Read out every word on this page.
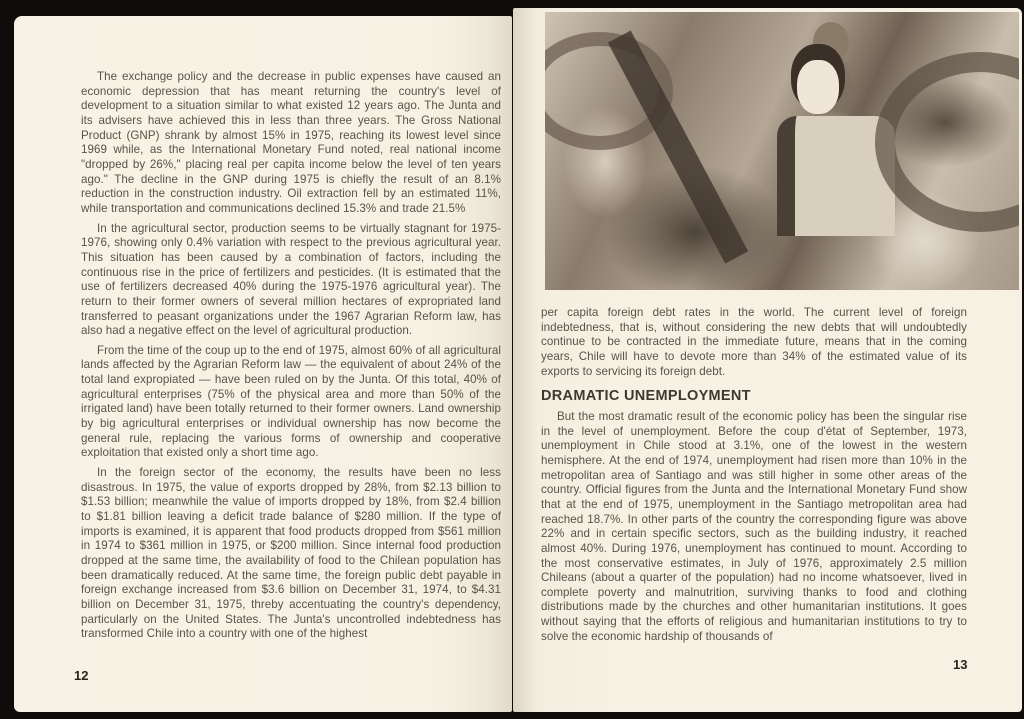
The exchange policy and the decrease in public expenses have caused an economic depression that has meant returning the country's level of development to a situation similar to what existed 12 years ago. The Junta and its advisers have achieved this in less than three years. The Gross National Product (GNP) shrank by almost 15% in 1975, reaching its lowest level since 1969 while, as the International Monetary Fund noted, real national income "dropped by 26%," placing real per capita income below the level of ten years ago." The decline in the GNP during 1975 is chiefly the result of an 8.1% reduction in the construction industry. Oil extraction fell by an estimated 11%, while transportation and communications declined 15.3% and trade 21.5%

In the agricultural sector, production seems to be virtually stagnant for 1975-1976, showing only 0.4% variation with respect to the previous agricultural year. This situation has been caused by a combination of factors, including the continuous rise in the price of fertilizers and pesticides. (It is estimated that the use of fertilizers decreased 40% during the 1975-1976 agricultural year). The return to their former owners of several million hectares of expropriated land transferred to peasant organizations under the 1967 Agrarian Reform law, has also had a negative effect on the level of agricultural production.

From the time of the coup up to the end of 1975, almost 60% of all agricultural lands affected by the Agrarian Reform law — the equivalent of about 24% of the total land expropiated — have been ruled on by the Junta. Of this total, 40% of agricultural enterprises (75% of the physical area and more than 50% of the irrigated land) have been totally returned to their former owners. Land ownership by big agricultural enterprises or individual ownership has now become the general rule, replacing the various forms of ownership and cooperative exploitation that existed only a short time ago.

In the foreign sector of the economy, the results have been no less disastrous. In 1975, the value of exports dropped by 28%, from $2.13 billion to $1.53 billion; meanwhile the value of imports dropped by 18%, from $2.4 billion to $1.81 billion leaving a deficit trade balance of $280 million. If the type of imports is examined, it is apparent that food products dropped from $561 million in 1974 to $361 million in 1975, or $200 million. Since internal food production dropped at the same time, the availability of food to the Chilean population has been dramatically reduced. At the same time, the foreign public debt payable in foreign exchange increased from $3.6 billion on December 31, 1974, to $4.31 billion on December 31, 1975, threby accentuating the country's dependency, particularly on the United States. The Junta's uncontrolled indebtedness has transformed Chile into a country with one of the highest

12

per capita foreign debt rates in the world. The current level of foreign indebtedness, that is, without considering the new debts that will undoubtedly continue to be contracted in the immediate future, means that in the coming years, Chile will have to devote more than 34% of the estimated value of its exports to servicing its foreign debt.

DRAMATIC UNEMPLOYMENT

But the most dramatic result of the economic policy has been the singular rise in the level of unemployment. Before the coup d'état of September, 1973, unemployment in Chile stood at 3.1%, one of the lowest in the western hemisphere. At the end of 1974, unemployment had risen more than 10% in the metropolitan area of Santiago and was still higher in some other areas of the country. Official figures from the Junta and the International Monetary Fund show that at the end of 1975, unemployment in the Santiago metropolitan area had reached 18.7%. In other parts of the country the corresponding figure was above 22% and in certain specific sectors, such as the building industry, it reached almost 40%. During 1976, unemployment has continued to mount. According to the most conservative estimates, in July of 1976, approximately 2.5 million Chileans (about a quarter of the population) had no income whatsoever, lived in complete poverty and malnutrition, surviving thanks to food and clothing distributions made by the churches and other humanitarian institutions. It goes without saying that the efforts of religious and humanitarian institutions to try to solve the economic hardship of thousands of

13
